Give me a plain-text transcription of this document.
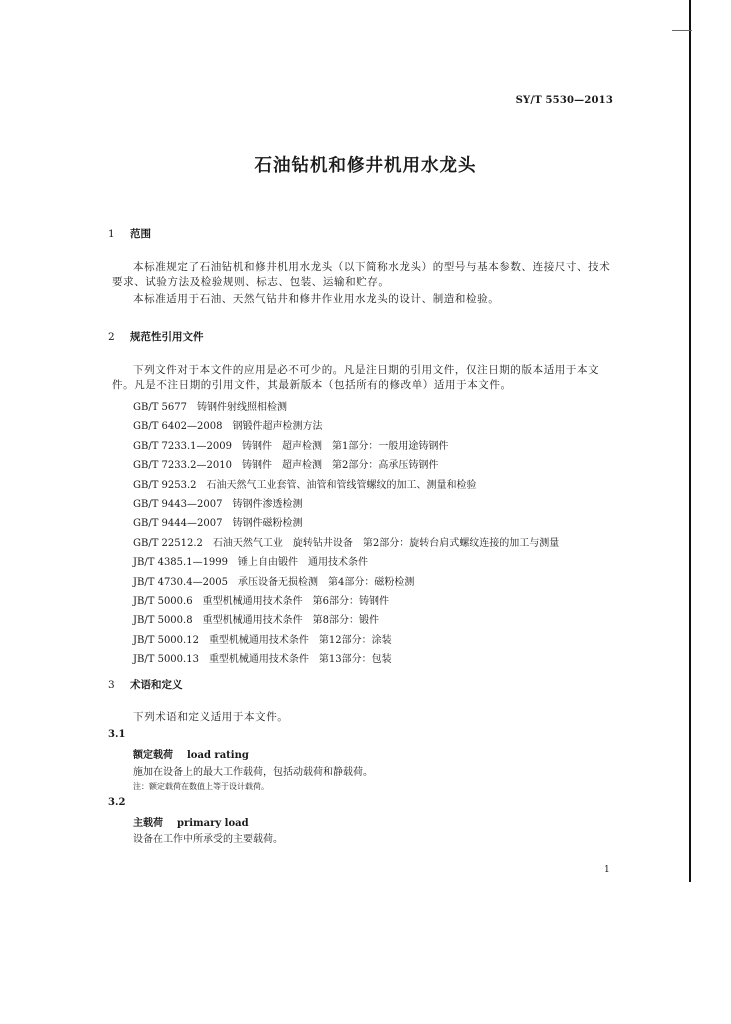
SY/T 5530—2013
石油钻机和修井机用水龙头
1 范围
本标准规定了石油钻机和修井机用水龙头（以下简称水龙头）的型号与基本参数、连接尺寸、技术要求、试验方法及检验规则、标志、包装、运输和贮存。
本标准适用于石油、天然气钻井和修井作业用水龙头的设计、制造和检验。
2 规范性引用文件
下列文件对于本文件的应用是必不可少的。凡是注日期的引用文件，仅注日期的版本适用于本文件。凡是不注日期的引用文件，其最新版本（包括所有的修改单）适用于本文件。
GB/T 5677 铸钢件射线照相检测
GB/T 6402—2008 钢锻件超声检测方法
GB/T 7233.1—2009 铸钢件　超声检测　第1部分：一般用途铸钢件
GB/T 7233.2—2010 铸钢件　超声检测　第2部分：高承压铸钢件
GB/T 9253.2 石油天然气工业套管、油管和管线管螺纹的加工、测量和检验
GB/T 9443—2007 铸钢件渗透检测
GB/T 9444—2007 铸钢件磁粉检测
GB/T 22512.2 石油天然气工业　旋转钻井设备　第2部分：旋转台肩式螺纹连接的加工与测量
JB/T 4385.1—1999 锤上自由锻件　通用技术条件
JB/T 4730.4—2005 承压设备无损检测　第4部分：磁粉检测
JB/T 5000.6 重型机械通用技术条件　第6部分：铸钢件
JB/T 5000.8 重型机械通用技术条件　第8部分：锻件
JB/T 5000.12 重型机械通用技术条件　第12部分：涂装
JB/T 5000.13 重型机械通用技术条件　第13部分：包装
3 术语和定义
下列术语和定义适用于本文件。
3.1
额定载荷 load rating
施加在设备上的最大工作载荷，包括动载荷和静载荷。
注：额定载荷在数值上等于设计载荷。
3.2
主载荷 primary load
设备在工作中所承受的主要载荷。
1
